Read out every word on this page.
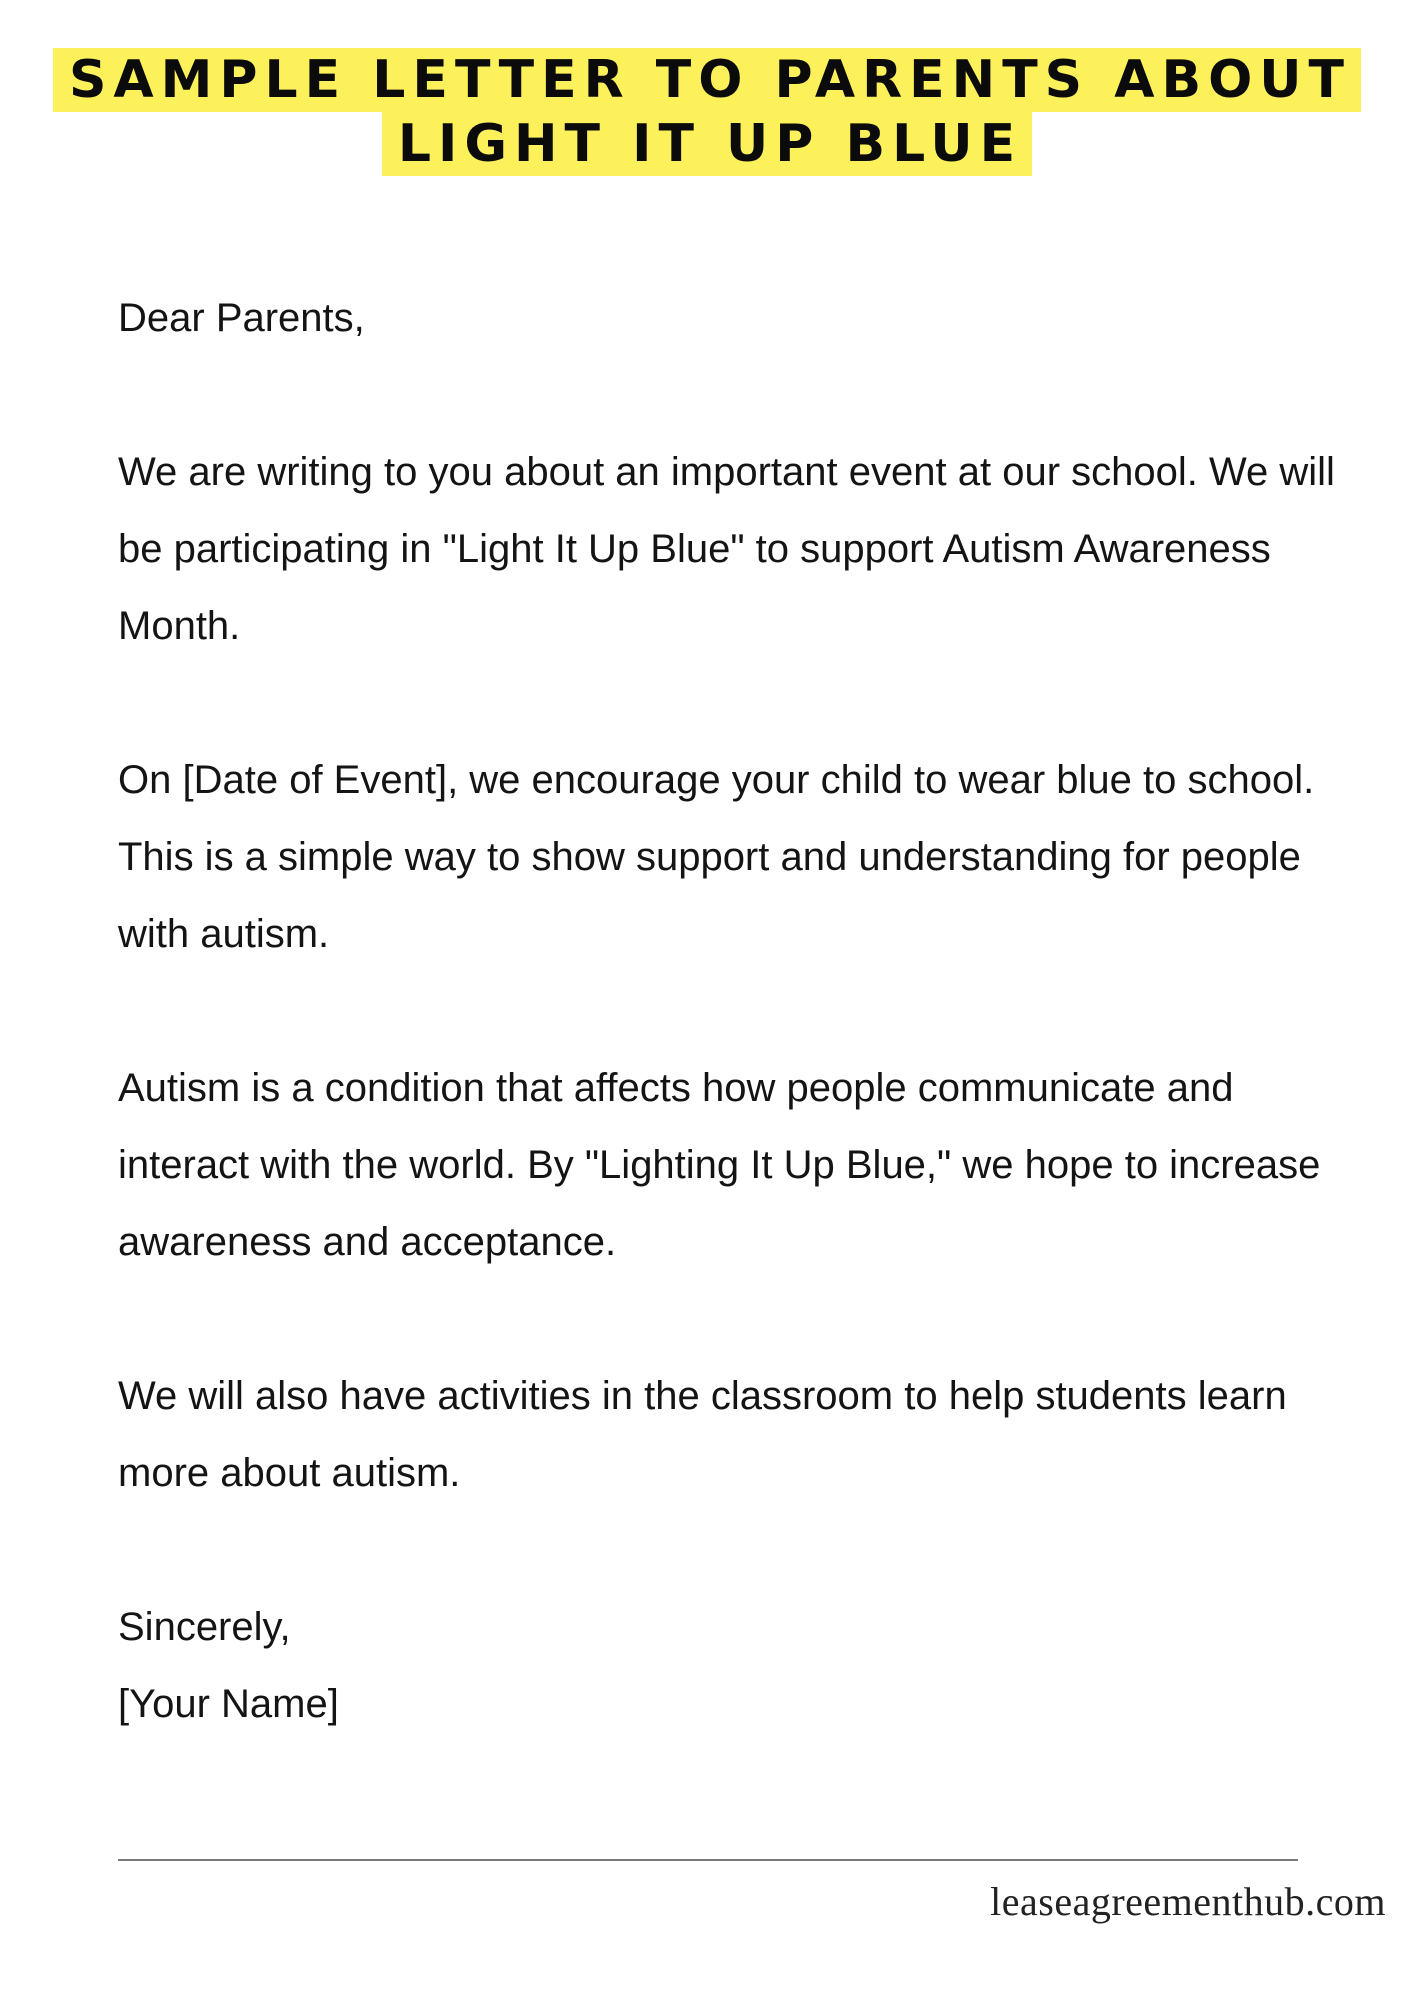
SAMPLE LETTER TO PARENTS ABOUT
LIGHT IT UP BLUE

Dear Parents,

We are writing to you about an important event at our school. We will be participating in "Light It Up Blue" to support Autism Awareness Month.

On [Date of Event], we encourage your child to wear blue to school. This is a simple way to show support and understanding for people with autism.

Autism is a condition that affects how people communicate and interact with the world. By "Lighting It Up Blue," we hope to increase awareness and acceptance.

We will also have activities in the classroom to help students learn more about autism.

Sincerely,

[Your Name]

leaseagreementhub.com
